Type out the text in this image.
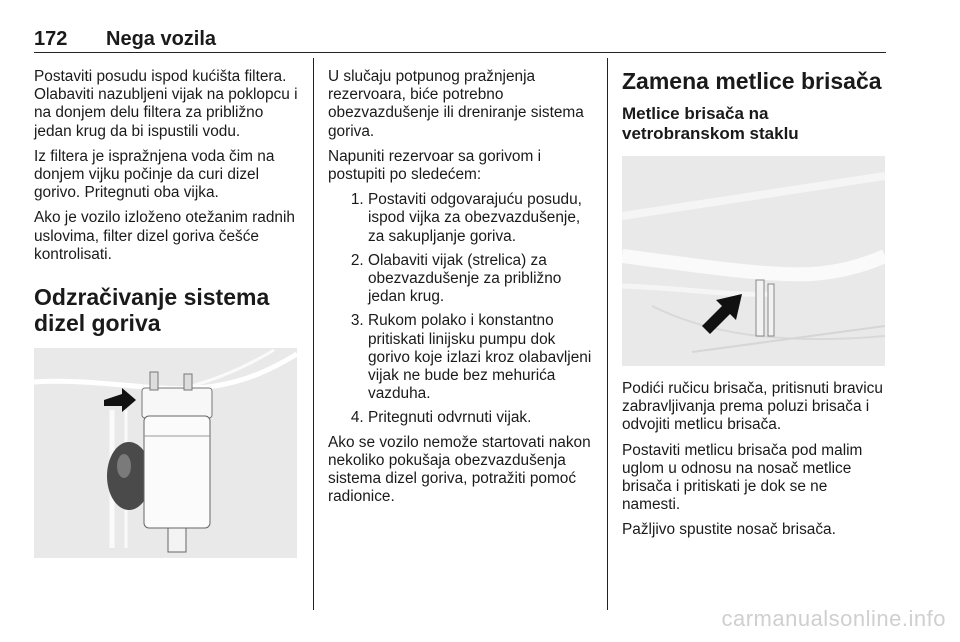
172 Nega vozila

Postaviti posudu ispod kućišta filtera. Olabaviti nazubljeni vijak na poklopcu i na donjem delu filtera za približno jedan krug da bi ispustili vodu.

Iz filtera je ispražnjena voda čim na donjem vijku počinje da curi dizel gorivo. Pritegnuti oba vijka.

Ako je vozilo izloženo otežanim radnih uslovima, filter dizel goriva češće kontrolisati.

Odzračivanje sistema dizel goriva

U slučaju potpunog pražnjenja rezervoara, biće potrebno obezvazdušenje ili dreniranje sistema goriva.

Napuniti rezervoar sa gorivom i postupiti po sledećem:

1. Postaviti odgovarajuću posudu, ispod vijka za obezvazdušenje, za sakupljanje goriva.
2. Olabaviti vijak (strelica) za obezvazdušenje za približno jedan krug.
3. Rukom polako i konstantno pritiskati linijsku pumpu dok gorivo koje izlazi kroz olabavljeni vijak ne bude bez mehurića vazduha.
4. Pritegnuti odvrnuti vijak.

Ako se vozilo nemože startovati nakon nekoliko pokušaja obezvazdušenja sistema dizel goriva, potražiti pomoć radionice.

Zamena metlice brisača
Metlice brisača na vetrobranskom staklu

Podići ručicu brisača, pritisnuti bravicu zabravljivanja prema poluzi brisača i odvojiti metlicu brisača.

Postaviti metlicu brisača pod malim uglom u odnosu na nosač metlice brisača i pritiskati je dok se ne namesti.

Pažljivo spustite nosač brisača.

carmanualsonline.info
